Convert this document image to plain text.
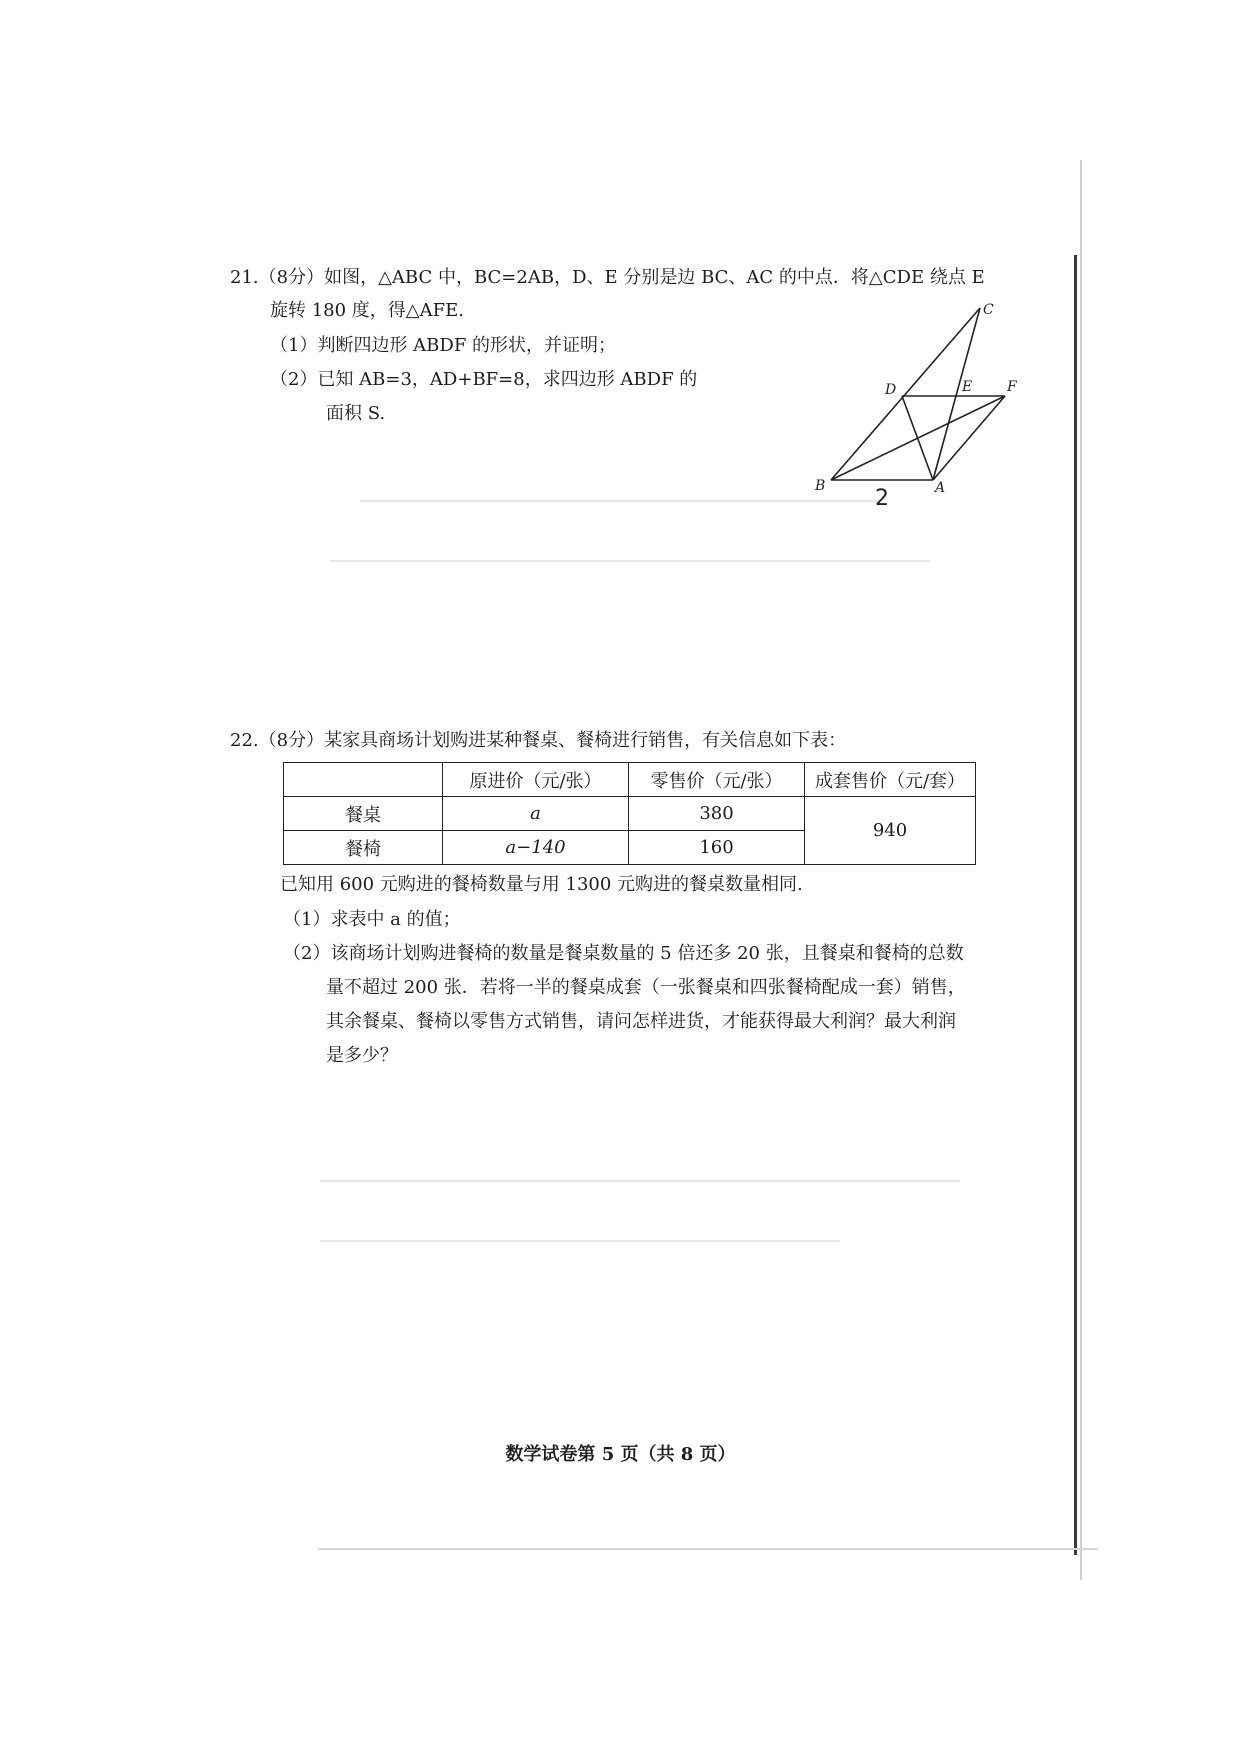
21.（8分）如图，△ABC 中，BC=2AB，D、E 分别是边 BC、AC 的中点．将△CDE 绕点 E
旋转 180 度，得△AFE.
（1）判断四边形 ABDF 的形状，并证明；
（2）已知 AB=3，AD+BF=8，求四边形 ABDF 的
面积 S.
C
D	E F
B	A
2
22.（8分）某家具商场计划购进某种餐桌、餐椅进行销售，有关信息如下表：
	原进价（元/张）	零售价（元/张）	成套售价（元/套）
餐桌	a	380	940
餐椅	a−140	160	
已知用 600 元购进的餐椅数量与用 1300 元购进的餐桌数量相同.
（1）求表中 a 的值；
（2）该商场计划购进餐椅的数量是餐桌数量的 5 倍还多 20 张，且餐桌和餐椅的总数
量不超过 200 张．若将一半的餐桌成套（一张餐桌和四张餐椅配成一套）销售，
其余餐桌、餐椅以零售方式销售，请问怎样进货，才能获得最大利润？最大利润
是多少？
数学试卷第 5 页（共 8 页）
